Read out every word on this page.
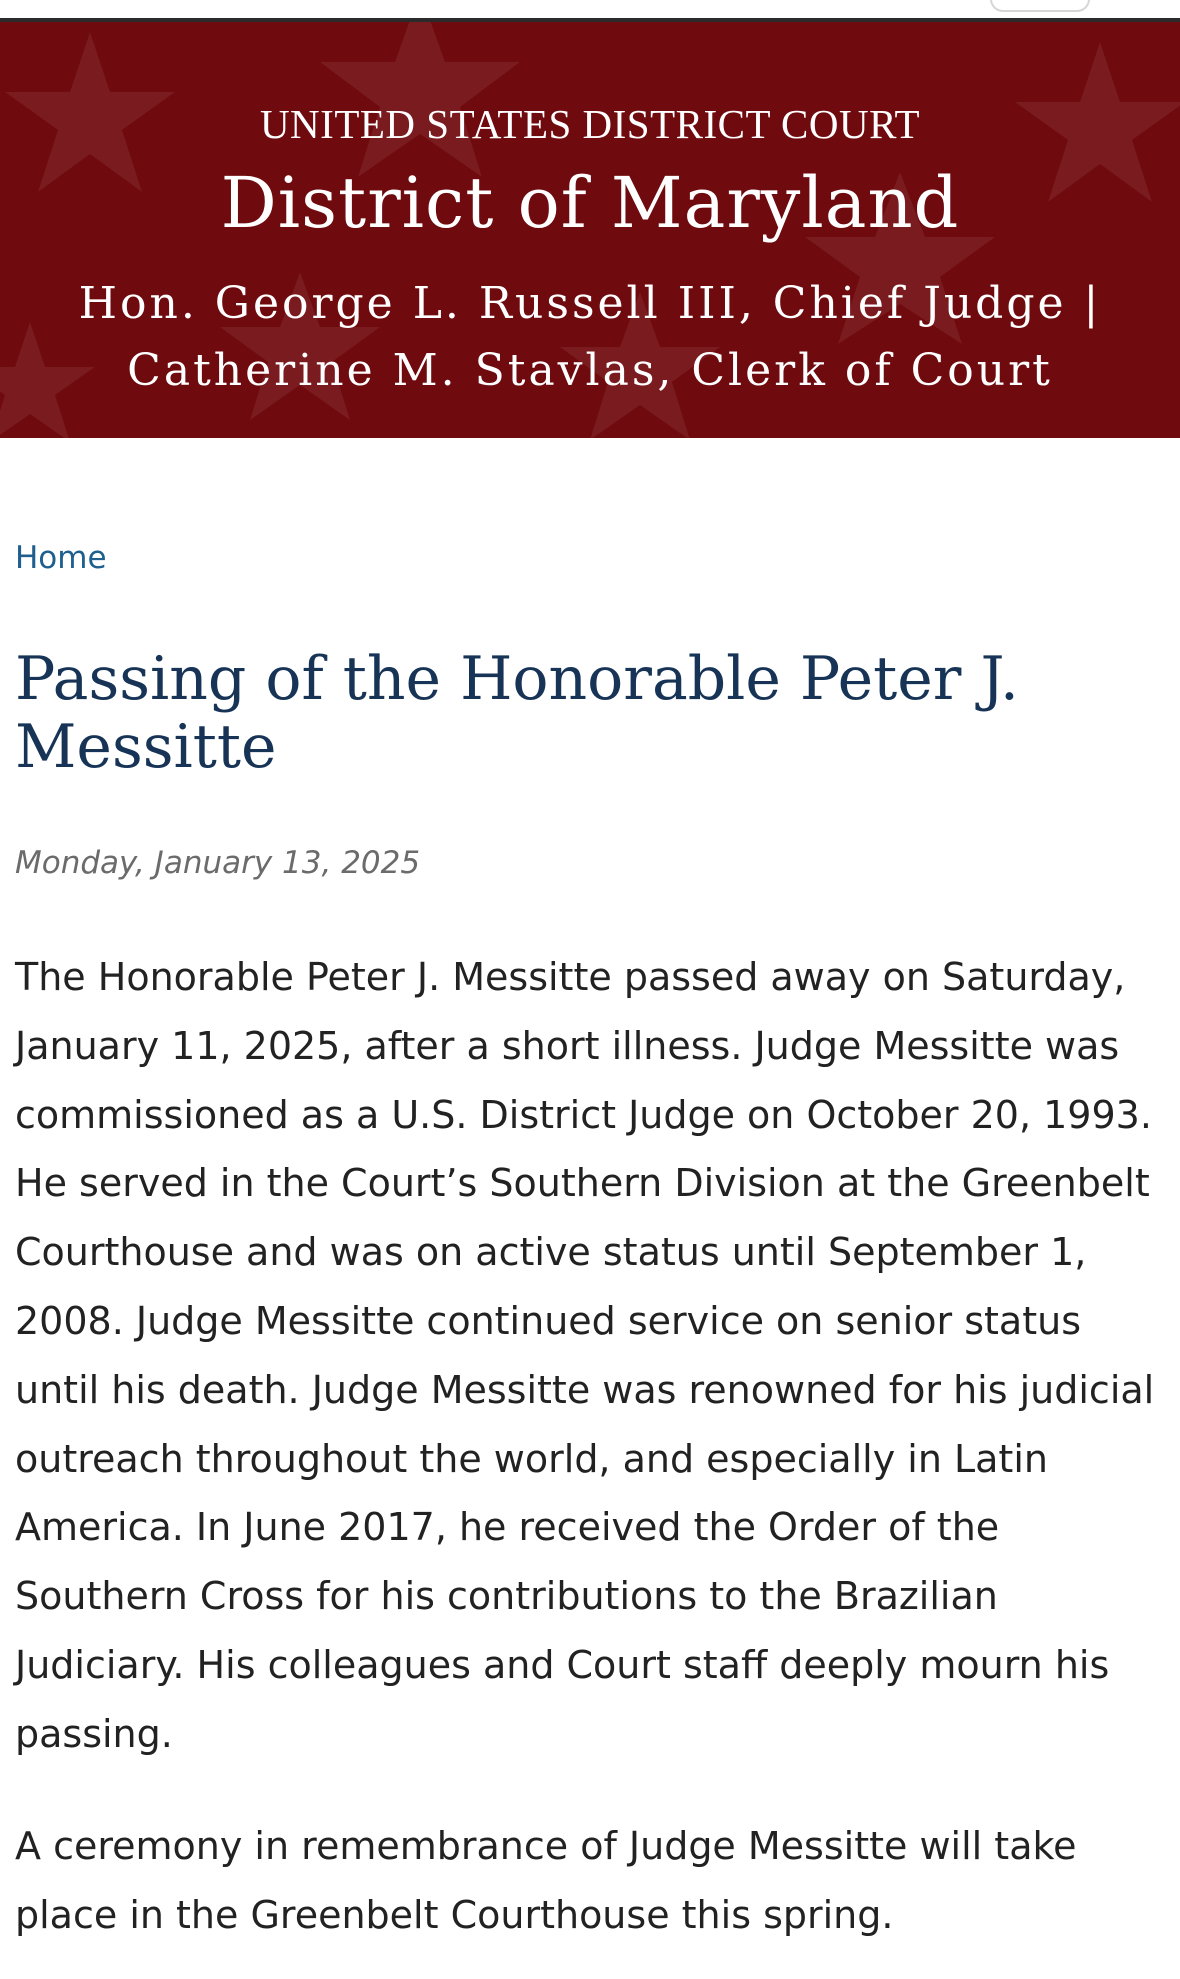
UNITED STATES DISTRICT COURT
District of Maryland
Hon. George L. Russell III, Chief Judge |
Catherine M. Stavlas, Clerk of Court
Home
Passing of the Honorable Peter J. Messitte
Monday, January 13, 2025

The Honorable Peter J. Messitte passed away on Saturday, January 11, 2025, after a short illness. Judge Messitte was commissioned as a U.S. District Judge on October 20, 1993. He served in the Court’s Southern Division at the Greenbelt Courthouse and was on active status until September 1, 2008. Judge Messitte continued service on senior status until his death. Judge Messitte was renowned for his judicial outreach throughout the world, and especially in Latin America. In June 2017, he received the Order of the Southern Cross for his contributions to the Brazilian Judiciary. His colleagues and Court staff deeply mourn his passing.

A ceremony in remembrance of Judge Messitte will take place in the Greenbelt Courthouse this spring.
